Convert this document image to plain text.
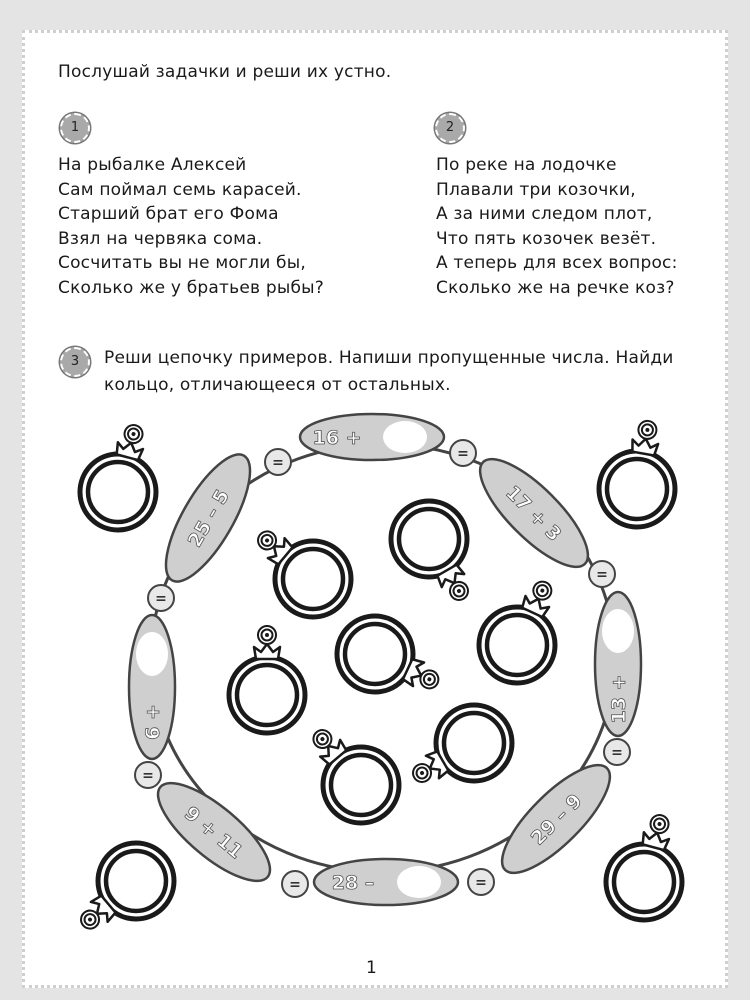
Послушай задачки и реши их устно.
1	2
На рыбалке Алексей
Сам поймал семь карасей.
Старший брат его Фома
Взял на червяка сома.
Сосчитать вы не могли бы,
Сколько же у братьев рыбы?
По реке на лодочке
Плавали три козочки,
А за ними следом плот,
Что пять козочек везёт.
А теперь для всех вопрос:
Сколько же на речке коз?
3	Реши цепочку примеров. Напиши пропущенные числа. Найди кольцо, отличающееся от остальных.
=
=
=
=
=
=
=
=
16 +
17 + 3
13 +
29 – 9
28 –
9 + 11
6 +
25 – 5
1
